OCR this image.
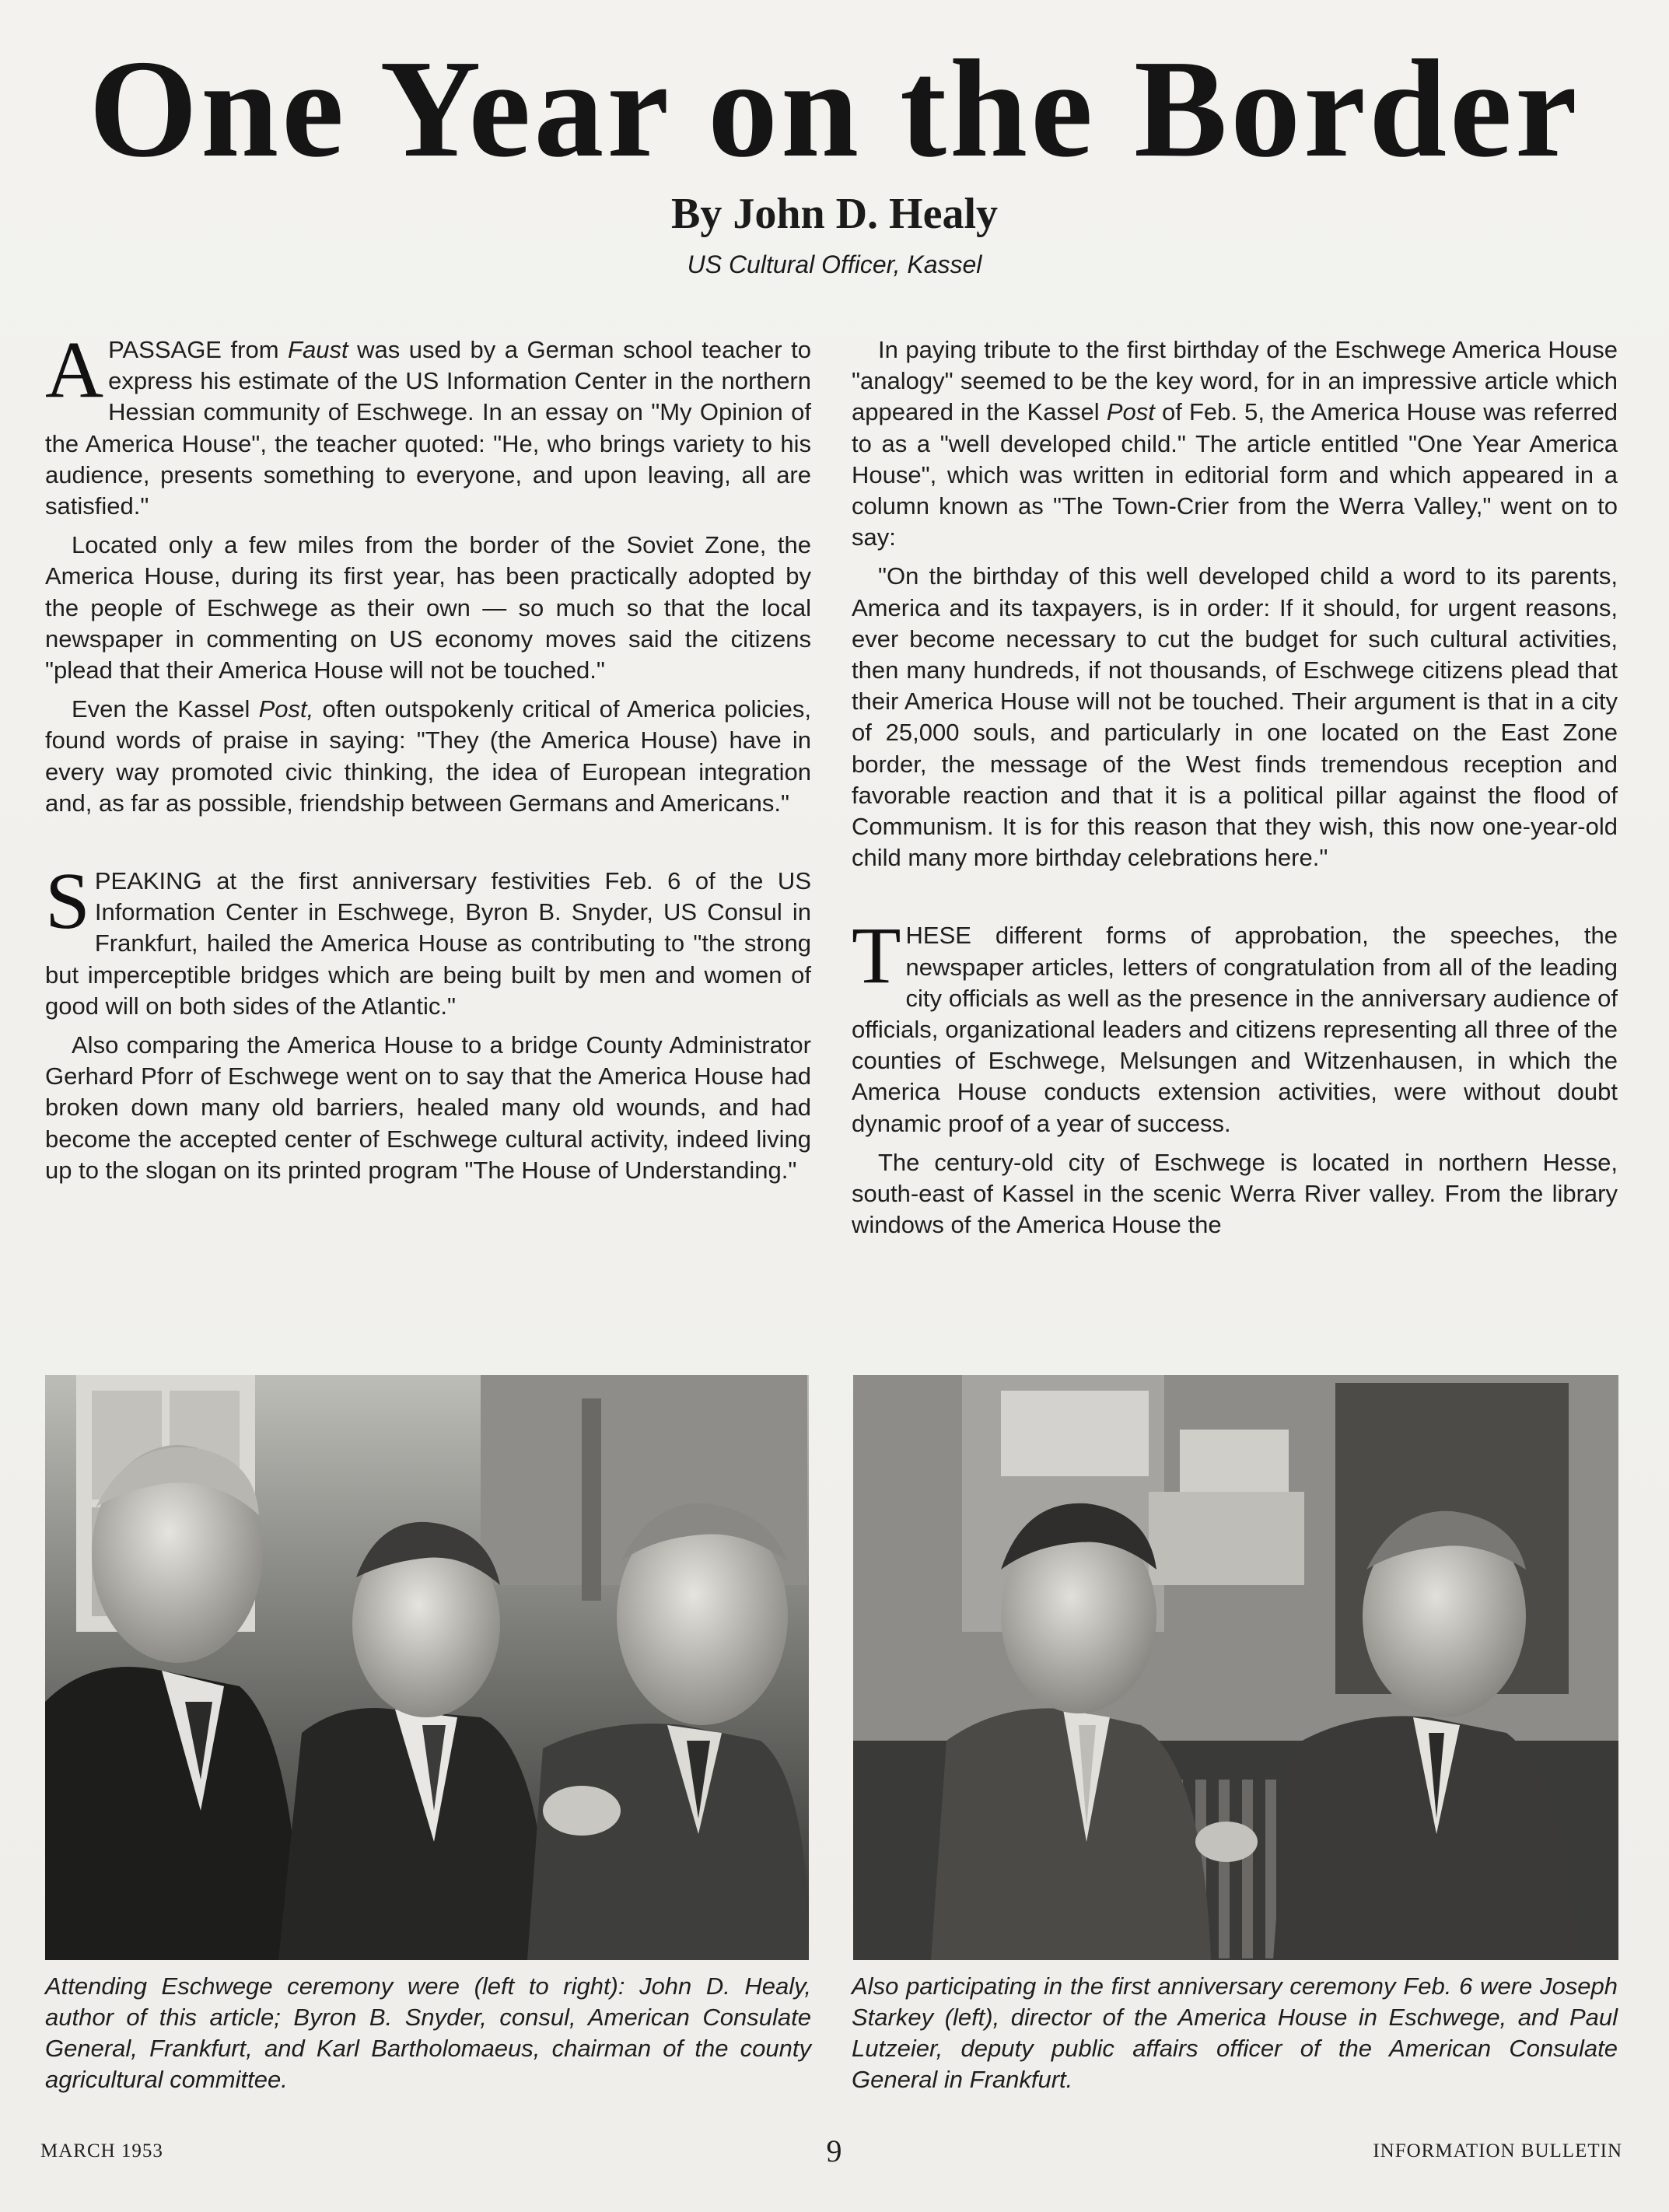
One Year on the Border
By John D. Healy
US Cultural Officer, Kassel

APASSAGE from Faust was used by a German school teacher to express his estimate of the US Information Center in the northern Hessian community of Eschwege. In an essay on "My Opinion of the America House", the teacher quoted: "He, who brings variety to his audience, presents something to everyone, and upon leaving, all are satisfied."

Located only a few miles from the border of the Soviet Zone, the America House, during its first year, has been practically adopted by the people of Eschwege as their own — so much so that the local newspaper in commenting on US economy moves said the citizens "plead that their America House will not be touched."

Even the Kassel Post, often outspokenly critical of America policies, found words of praise in saying: "They (the America House) have in every way promoted civic thinking, the idea of European integration and, as far as possible, friendship between Germans and Americans."

SPEAKING at the first anniversary festivities Feb. 6 of the US Information Center in Eschwege, Byron B. Snyder, US Consul in Frankfurt, hailed the America House as contributing to "the strong but imperceptible bridges which are being built by men and women of good will on both sides of the Atlantic."

Also comparing the America House to a bridge County Administrator Gerhard Pforr of Eschwege went on to say that the America House had broken down many old barriers, healed many old wounds, and had become the accepted center of Eschwege cultural activity, indeed living up to the slogan on its printed program "The House of Understanding."

In paying tribute to the first birthday of the Eschwege America House "analogy" seemed to be the key word, for in an impressive article which appeared in the Kassel Post of Feb. 5, the America House was referred to as a "well developed child." The article entitled "One Year America House", which was written in editorial form and which appeared in a column known as "The Town-Crier from the Werra Valley," went on to say:

"On the birthday of this well developed child a word to its parents, America and its taxpayers, is in order: If it should, for urgent reasons, ever become necessary to cut the budget for such cultural activities, then many hundreds, if not thousands, of Eschwege citizens plead that their America House will not be touched. Their argument is that in a city of 25,000 souls, and particularly in one located on the East Zone border, the message of the West finds tremendous reception and favorable reaction and that it is a political pillar against the flood of Communism. It is for this reason that they wish, this now one-year-old child many more birthday celebrations here."

THESE different forms of approbation, the speeches, the newspaper articles, letters of congratulation from all of the leading city officials as well as the presence in the anniversary audience of officials, organizational leaders and citizens representing all three of the counties of Eschwege, Melsungen and Witzenhausen, in which the America House conducts extension activities, were without doubt dynamic proof of a year of success.

The century-old city of Eschwege is located in northern Hesse, south-east of Kassel in the scenic Werra River valley. From the library windows of the America House the

Attending Eschwege ceremony were (left to right): John D. Healy, author of this article; Byron B. Snyder, consul, American Consulate General, Frankfurt, and Karl Bartholomaeus, chairman of the county agricultural committee.
Also participating in the first anniversary ceremony Feb. 6 were Joseph Starkey (left), director of the America House in Eschwege, and Paul Lutzeier, deputy public affairs officer of the American Consulate General in Frankfurt.
MARCH 1953	9	INFORMATION BULLETIN
